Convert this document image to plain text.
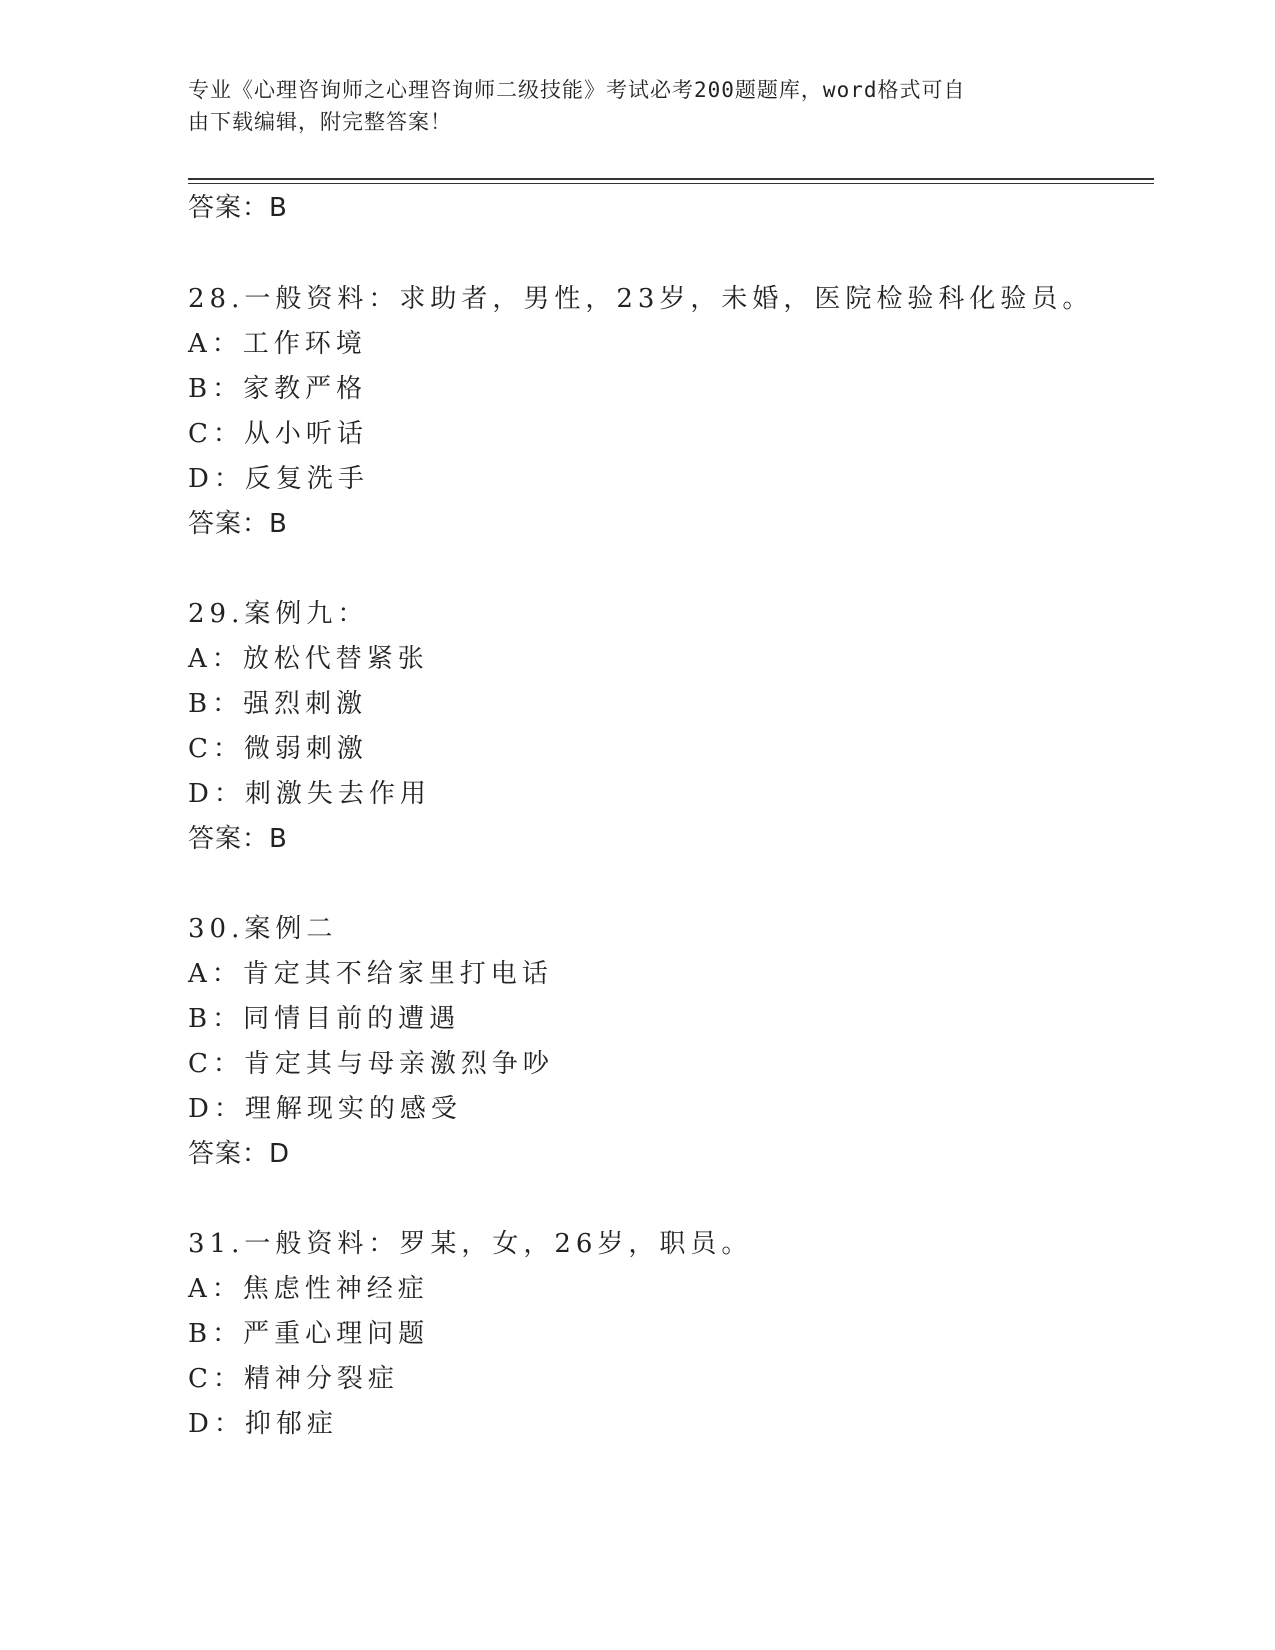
专业《心理咨询师之心理咨询师二级技能》考试必考200题题库，word格式可自
由下载编辑，附完整答案！
答案：B
28.一般资料：求助者，男性，23岁，未婚，医院检验科化验员。
A：工作环境
B：家教严格
C：从小听话
D：反复洗手
答案：B
29.案例九：
A：放松代替紧张
B：强烈刺激
C：微弱刺激
D：刺激失去作用
答案：B
30.案例二
A：肯定其不给家里打电话
B：同情目前的遭遇
C：肯定其与母亲激烈争吵
D：理解现实的感受
答案：D
31.一般资料：罗某，女，26岁，职员。
A：焦虑性神经症
B：严重心理问题
C：精神分裂症
D：抑郁症
